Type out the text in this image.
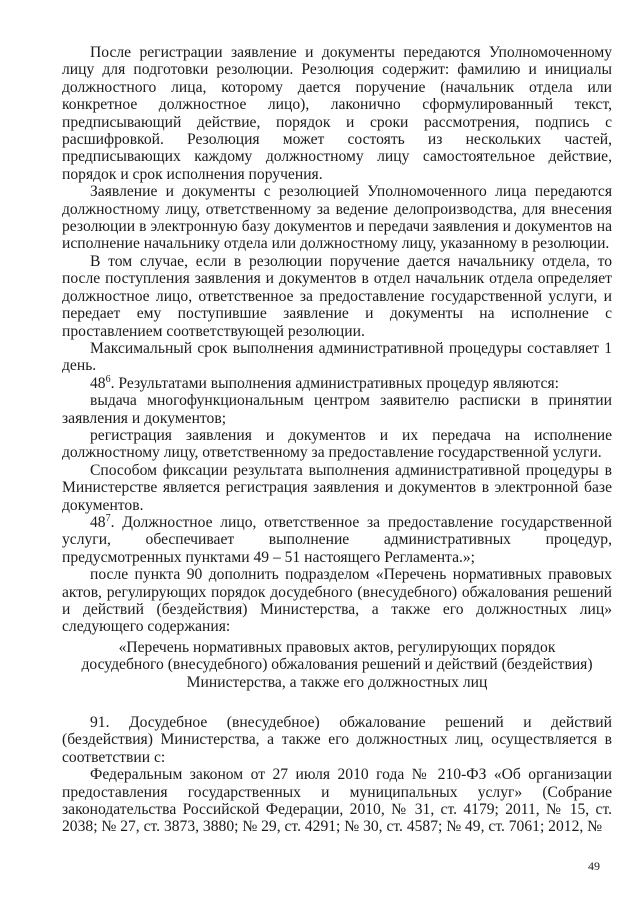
После регистрации заявление и документы передаются Уполномоченному лицу для подготовки резолюции. Резолюция содержит: фамилию и инициалы должностного лица, которому дается поручение (начальник отдела или конкретное должностное лицо), лаконично сформулированный текст, предписывающий действие, порядок и сроки рассмотрения, подпись с расшифровкой. Резолюция может состоять из нескольких частей, предписывающих каждому должностному лицу самостоятельное действие, порядок и срок исполнения поручения.

Заявление и документы с резолюцией Уполномоченного лица передаются должностному лицу, ответственному за ведение делопроизводства, для внесения резолюции в электронную базу документов и передачи заявления и документов на исполнение начальнику отдела или должностному лицу, указанному в резолюции.

В том случае, если в резолюции поручение дается начальнику отдела, то после поступления заявления и документов в отдел начальник отдела определяет должностное лицо, ответственное за предоставление государственной услуги, и передает ему поступившие заявление и документы на исполнение с проставлением соответствующей резолюции.

Максимальный срок выполнения административной процедуры составляет 1 день.

$48^6$. Результатами выполнения административных процедур являются:

выдача многофункциональным центром заявителю расписки в принятии заявления и документов;

регистрация заявления и документов и их передача на исполнение должностному лицу, ответственному за предоставление государственной услуги.

Способом фиксации результата выполнения административной процедуры в Министерстве является регистрация заявления и документов в электронной базе документов.

$48^7$. Должностное лицо, ответственное за предоставление государственной услуги, обеспечивает выполнение административных процедур, предусмотренных пунктами 49 – 51 настоящего Регламента.»;

после пункта 90 дополнить подразделом «Перечень нормативных правовых актов, регулирующих порядок досудебного (внесудебного) обжалования решений и действий (бездействия) Министерства, а также его должностных лиц» следующего содержания:

«Перечень нормативных правовых актов, регулирующих порядок
досудебного (внесудебного) обжалования решений и действий (бездействия)
Министерства, а также его должностных лиц

91. Досудебное (внесудебное) обжалование решений и действий (бездействия) Министерства, а также его должностных лиц, осуществляется в соответствии с:

Федеральным законом от 27 июля 2010 года № 210-ФЗ «Об организации предоставления государственных и муниципальных услуг» (Собрание законодательства Российской Федерации, 2010, № 31, ст. 4179; 2011, № 15, ст. 2038; № 27, ст. 3873, 3880; № 29, ст. 4291; № 30, ст. 4587; № 49, ст. 7061; 2012, №

49
